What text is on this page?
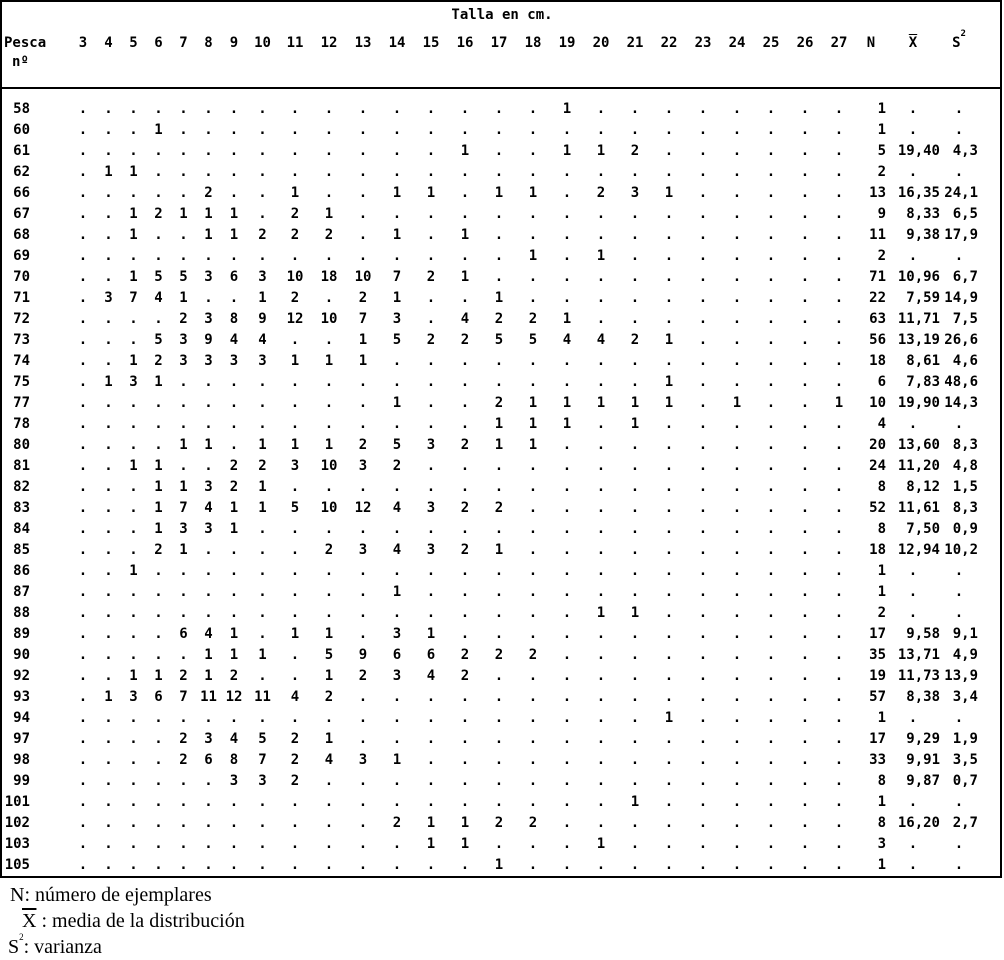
Talla en cm.
Pesca	3	4	5	6	7	8	9	10	11	12	13	14	15	16	17	18	19	20	21	22	23	24	25	26	27	N	$\overline{X}$	$S^2$
nº
58	.	.	.	.	.	.	.	.	.	.	.	.	.	.	.	.	1	.	.	.	.	.	.	.	.	1	.	.
60	.	.	.	1	.	.	.	.	.	.	.	.	.	.	.	.	.	.	.	.	.	.	.	.	.	1	.	.
61	.	.	.	.	.	.	.	.	.	.	.	.	.	1	.	.	1	1	2	.	.	.	.	.	.	5 19,40 4,3
62	.	1	1	.	.	.	.	.	.	.	.	.	.	.	.	.	.	.	.	.	.	.	.	.	.	2	.	.
66	.	.	.	.	.	2	.	.	1	.	.	1	1	.	1	1	.	2	3	1	.	.	.	.	.	13 16,35 24,1
67	.	.	1	2	1	1	1	.	2	1	.	.	.	.	.	.	.	.	.	.	.	.	.	.	.	9	8,33 6,5
68	.	.	1	.	.	1	1	2	2	2	.	1	.	1	.	.	.	.	.	.	.	.	.	.	.	11	9,38 17,9
69	.	.	.	.	.	.	.	.	.	.	.	.	.	.	.	1	.	1	.	.	.	.	.	.	.	2	.	.
70	.	.	1	5	5	3	6	3	10	18	10	7	2	1	.	.	.	.	.	.	.	.	.	.	.	71 10,96 6,7
71	.	3	7	4	1	.	.	1	2	.	2	1	.	.	1	.	.	.	.	.	.	.	.	.	.	22	7,59 14,9
72	.	.	.	.	2	3	8	9	12	10	7	3	.	4	2	2	1	.	.	.	.	.	.	.	.	63 11,71 7,5
73	.	.	.	5	3	9	4	4	.	.	1	5	2	2	5	5	4	4	2	1	.	.	.	.	.	56 13,19 26,6
74	.	.	1	2	3	3	3	3	1	1	1	.	.	.	.	.	.	.	.	.	.	.	.	.	.	18	8,61 4,6
75	.	1	3	1	.	.	.	.	.	.	.	.	.	.	.	.	.	.	.	1	.	.	.	.	.	6	7,83 48,6
77	.	.	.	.	.	.	.	.	.	.	.	1	.	.	2	1	1	1	1	1	.	1	.	.	1	10 19,90 14,3
78	.	.	.	.	.	.	.	.	.	.	.	.	.	.	1	1	1	.	1	.	.	.	.	.	.	4	.	.
80	.	.	.	.	1	1	.	1	1	1	2	5	3	2	1	1	.	.	.	.	.	.	.	.	.	20 13,60 8,3
81	.	.	1	1	.	.	2	2	3	10	3	2	.	.	.	.	.	.	.	.	.	.	.	.	.	24 11,20 4,8
82	.	.	.	1	1	3	2	1	.	.	.	.	.	.	.	.	.	.	.	.	.	.	.	.	.	8	8,12 1,5
83	.	.	.	1	7	4	1	1	5	10	12	4	3	2	2	.	.	.	.	.	.	.	.	.	.	52 11,61 8,3
84	.	.	.	1	3	3	1	.	.	.	.	.	.	.	.	.	.	.	.	.	.	.	.	.	.	8	7,50 0,9
85	.	.	.	2	1	.	.	.	.	2	3	4	3	2	1	.	.	.	.	.	.	.	.	.	.	18 12,94 10,2
86	.	.	1	.	.	.	.	.	.	.	.	.	.	.	.	.	.	.	.	.	.	.	.	.	.	1	.	.
87	.	.	.	.	.	.	.	.	.	.	.	1	.	.	.	.	.	.	.	.	.	.	.	.	.	1	.	.
88	.	.	.	.	.	.	.	.	.	.	.	.	.	.	.	.	.	1	1	.	.	.	.	.	.	2	.	.
89	.	.	.	.	6	4	1	.	1	1	.	3	1	.	.	.	.	.	.	.	.	.	.	.	.	17	9,58 9,1
90	.	.	.	.	.	1	1	1	.	5	9	6	6	2	2	2	.	.	.	.	.	.	.	.	.	35 13,71 4,9
92	.	.	1	1	2	1	2	.	.	1	2	3	4	2	.	.	.	.	.	.	.	.	.	.	.	19 11,73 13,9
93	.	1	3	6	7 11 12 11	4	2	.	.	.	.	.	.	.	.	.	.	.	.	.	.	.	57	8,38 3,4
94	.	.	.	.	.	.	.	.	.	.	.	.	.	.	.	.	.	.	.	1	.	.	.	.	.	1	.	.
97	.	.	.	.	2	3	4	5	2	1	.	.	.	.	.	.	.	.	.	.	.	.	.	.	.	17	9,29 1,9
98	.	.	.	.	2	6	8	7	2	4	3	1	.	.	.	.	.	.	.	.	.	.	.	.	.	33	9,91 3,5
99	.	.	.	.	.	.	3	3	2	.	.	.	.	.	.	.	.	.	.	.	.	.	.	.	.	8	9,87 0,7
101	.	.	.	.	.	.	.	.	.	.	.	.	.	.	.	.	.	.	1	.	.	.	.	.	.	1	.	.
102	.	.	.	.	.	.	.	.	.	.	.	2	1	1	2	2	.	.	.	.	.	.	.	.	.	8 16,20 2,7
103	.	.	.	.	.	.	.	.	.	.	.	.	1	1	.	.	.	1	.	.	.	.	.	.	.	3	.	.
105	.	.	.	.	.	.	.	.	.	.	.	.	.	.	1	.	.	.	.	.	.	.	.	.	.	1	.	.
N: número de ejemplares
$\overline{X}$ : media de la distribución
$S^2$: varianza
